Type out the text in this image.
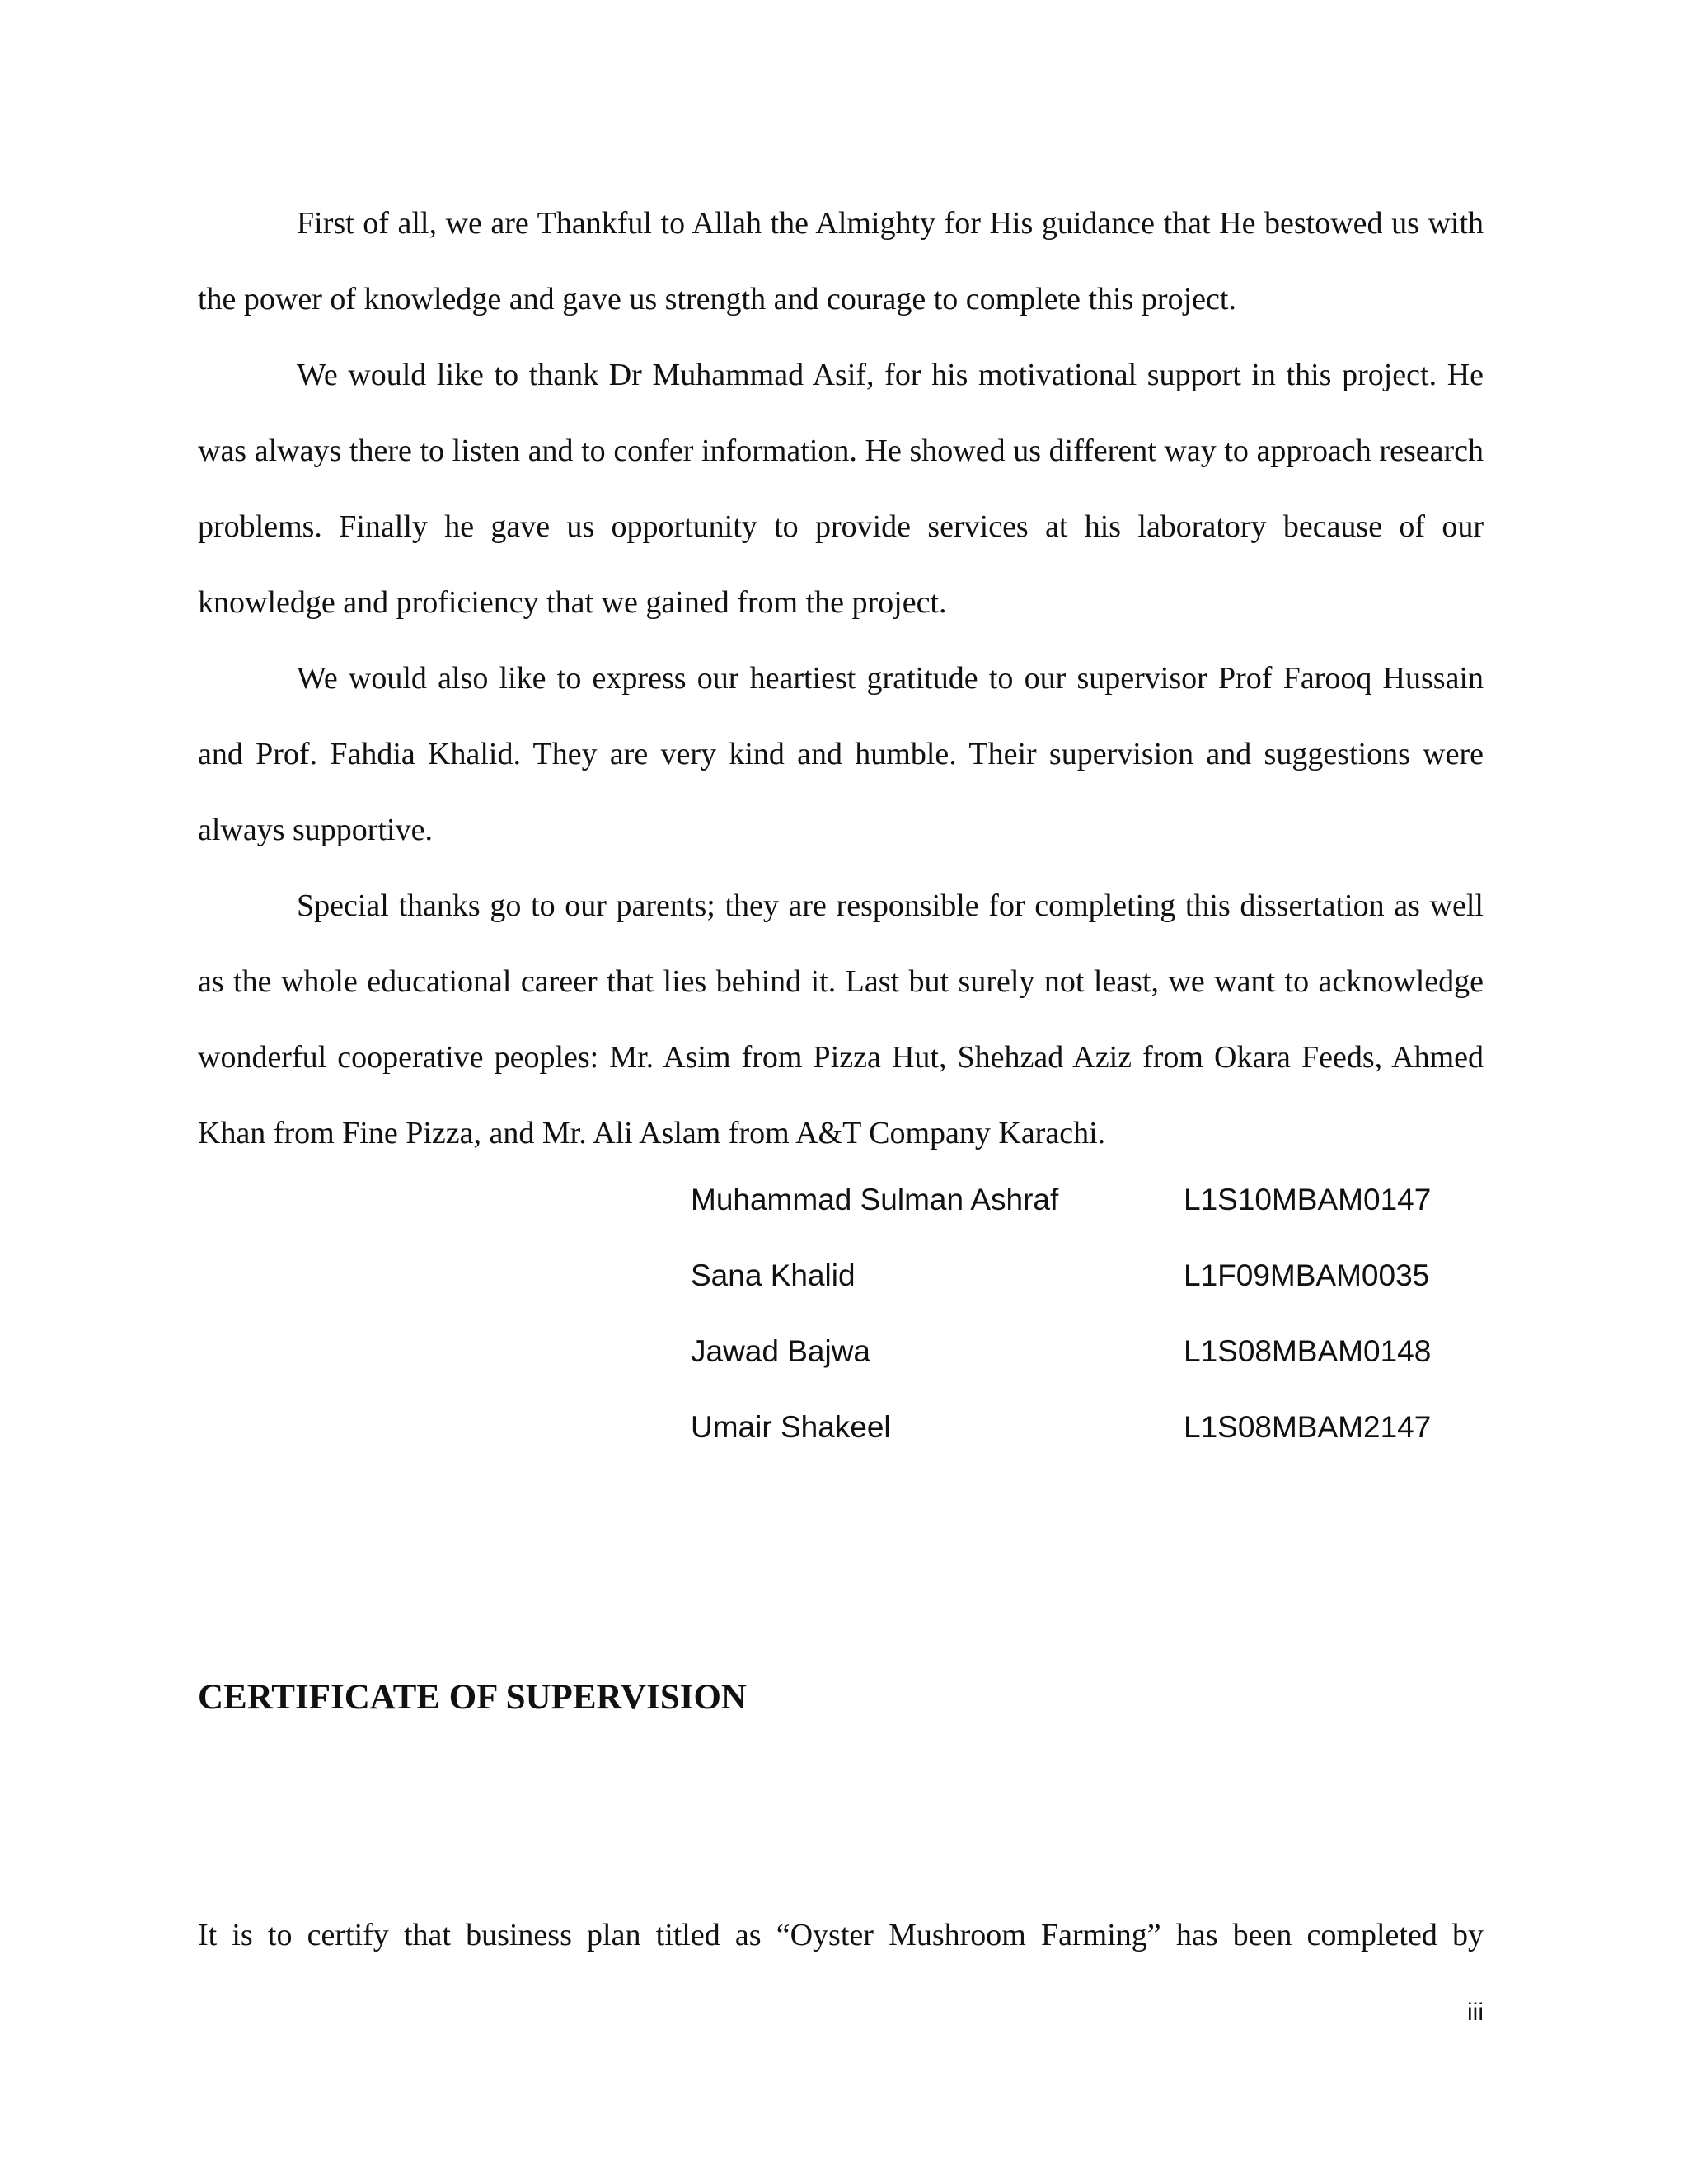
First of all, we are Thankful to Allah the Almighty for His guidance that He bestowed us with the power of knowledge and gave us strength and courage to complete this project.

We would like to thank Dr Muhammad Asif, for his motivational support in this project. He was always there to listen and to confer information. He showed us different way to approach research problems. Finally he gave us opportunity to provide services at his laboratory because of our knowledge and proficiency that we gained from the project.

We would also like to express our heartiest gratitude to our supervisor Prof Farooq Hussain and Prof. Fahdia Khalid. They are very kind and humble. Their supervision and suggestions were always supportive.

Special thanks go to our parents; they are responsible for completing this dissertation as well as the whole educational career that lies behind it. Last but surely not least, we want to acknowledge wonderful cooperative peoples: Mr. Asim from Pizza Hut, Shehzad Aziz from Okara Feeds, Ahmed Khan from Fine Pizza, and Mr. Ali Aslam from A&T Company Karachi.

Muhammad Sulman Ashraf	L1S10MBAM0147
Sana Khalid	L1F09MBAM0035
Jawad Bajwa	L1S08MBAM0148
Umair Shakeel	L1S08MBAM2147
CERTIFICATE OF SUPERVISION

It is to certify that business plan titled as “Oyster Mushroom Farming” has been completed by

iii
